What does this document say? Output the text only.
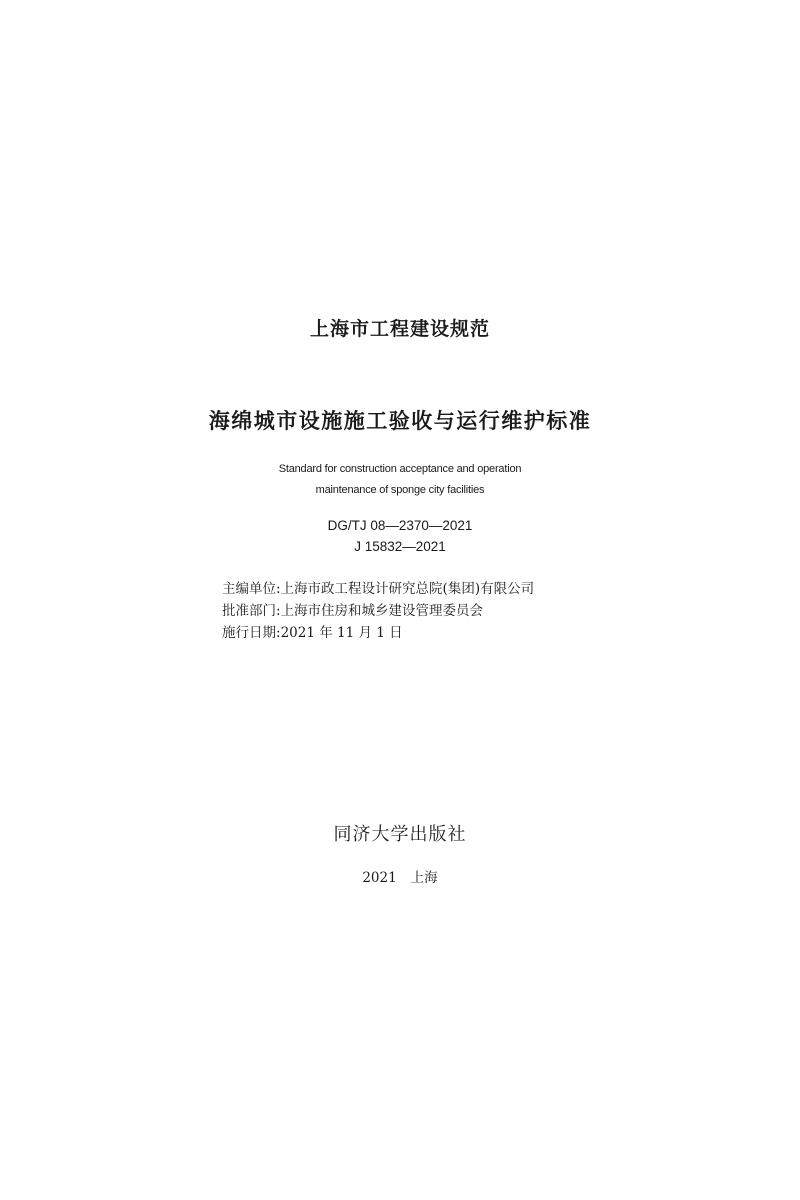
上海市工程建设规范
海绵城市设施施工验收与运行维护标准
Standard for construction acceptance and operation
maintenance of sponge city facilities
DG/TJ 08—2370—2021
J 15832—2021
主编单位:上海市政工程设计研究总院(集团)有限公司
批准部门:上海市住房和城乡建设管理委员会
施行日期:2021 年 11 月 1 日
同济大学出版社
2021 上海
